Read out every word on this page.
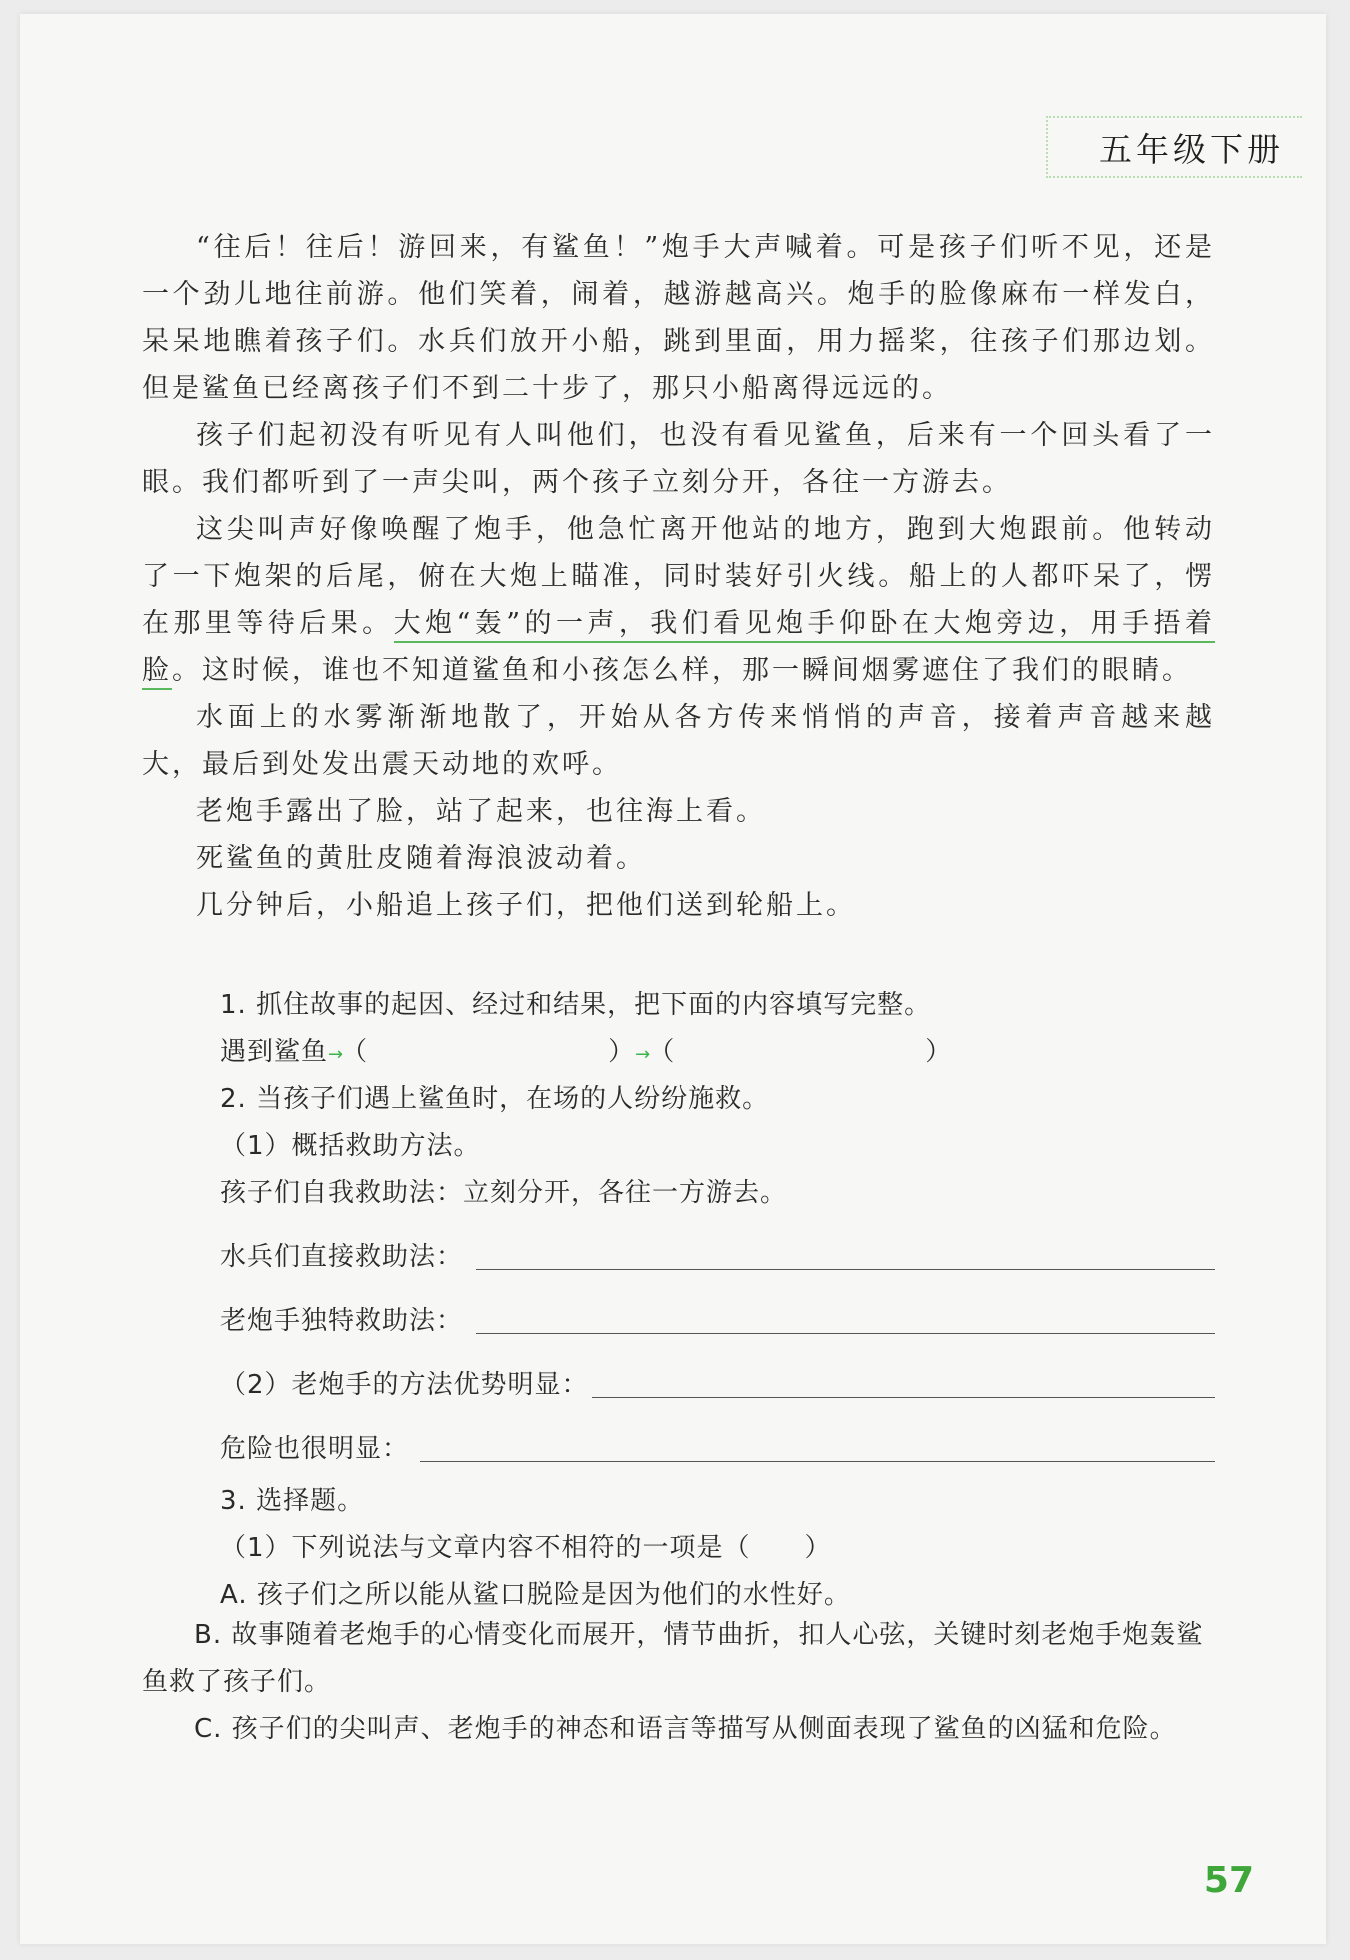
五年级下册

“往后！往后！游回来，有鲨鱼！”炮手大声喊着。可是孩子们听不见，还是一个劲儿地往前游。他们笑着，闹着，越游越高兴。炮手的脸像麻布一样发白，呆呆地瞧着孩子们。水兵们放开小船，跳到里面，用力摇桨，往孩子们那边划。但是鲨鱼已经离孩子们不到二十步了，那只小船离得远远的。

孩子们起初没有听见有人叫他们，也没有看见鲨鱼，后来有一个回头看了一眼。我们都听到了一声尖叫，两个孩子立刻分开，各往一方游去。

这尖叫声好像唤醒了炮手，他急忙离开他站的地方，跑到大炮跟前。他转动了一下炮架的后尾，俯在大炮上瞄准，同时装好引火线。船上的人都吓呆了，愣在那里等待后果。大炮“轰”的一声，我们看见炮手仰卧在大炮旁边，用手捂着脸。这时候，谁也不知道鲨鱼和小孩怎么样，那一瞬间烟雾遮住了我们的眼睛。

水面上的水雾渐渐地散了，开始从各方传来悄悄的声音，接着声音越来越大，最后到处发出震天动地的欢呼。

老炮手露出了脸，站了起来，也往海上看。

死鲨鱼的黄肚皮随着海浪波动着。

几分钟后，小船追上孩子们，把他们送到轮船上。

1. 抓住故事的起因、经过和结果，把下面的内容填写完整。
遇到鲨鱼→（	）→（	）
2. 当孩子们遇上鲨鱼时，在场的人纷纷施救。
（1）概括救助方法。
孩子们自我救助法：立刻分开，各往一方游去。
水兵们直接救助法：
老炮手独特救助法：
（2）老炮手的方法优势明显：
危险也很明显：
3. 选择题。
（1）下列说法与文章内容不相符的一项是（　　）
A. 孩子们之所以能从鲨口脱险是因为他们的水性好。
B. 故事随着老炮手的心情变化而展开，情节曲折，扣人心弦，关键时刻老炮手炮轰鲨鱼救了孩子们。
C. 孩子们的尖叫声、老炮手的神态和语言等描写从侧面表现了鲨鱼的凶猛和危险。
57
